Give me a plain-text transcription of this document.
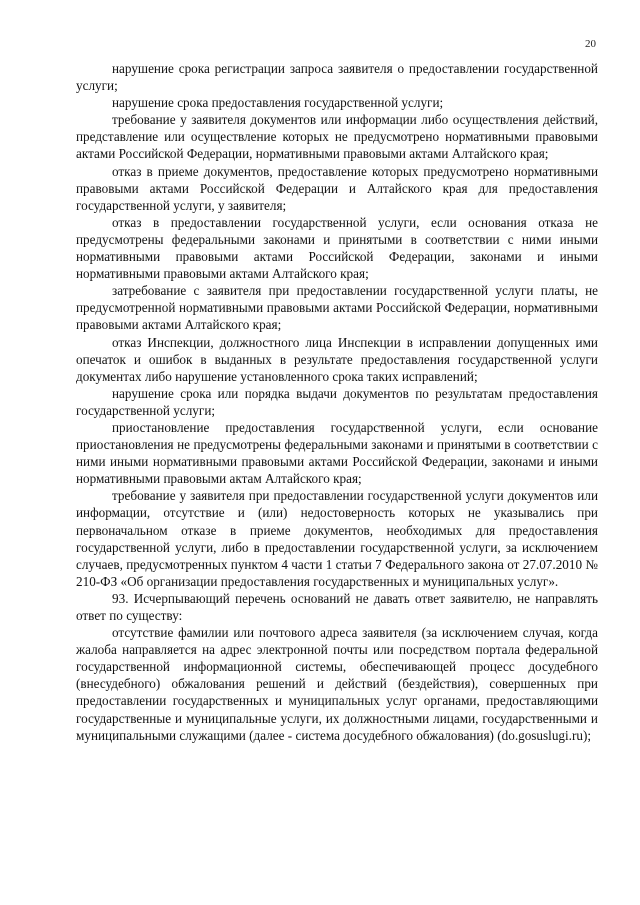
20

нарушение срока регистрации запроса заявителя о предоставлении государственной услуги;

нарушение срока предоставления государственной услуги;

требование у заявителя документов или информации либо осуществления действий, представление или осуществление которых не предусмотрено нормативными правовыми актами Российской Федерации, нормативными правовыми актами Алтайского края;

отказ в приеме документов, предоставление которых предусмотрено нормативными правовыми актами Российской Федерации и Алтайского края для предоставления государственной услуги, у заявителя;

отказ в предоставлении государственной услуги, если основания отказа не предусмотрены федеральными законами и принятыми в соответствии с ними иными нормативными правовыми актами Российской Федерации, законами и иными нормативными правовыми актами Алтайского края;

затребование с заявителя при предоставлении государственной услуги платы, не предусмотренной нормативными правовыми актами Российской Федерации, нормативными правовыми актами Алтайского края;

отказ Инспекции, должностного лица Инспекции в исправлении допущенных ими опечаток и ошибок в выданных в результате предоставления государственной услуги документах либо нарушение установленного срока таких исправлений;

нарушение срока или порядка выдачи документов по результатам предоставления государственной услуги;

приостановление предоставления государственной услуги, если основание приостановления не предусмотрены федеральными законами и принятыми в соответствии с ними иными нормативными правовыми актами Российской Федерации, законами и иными нормативными правовыми актам Алтайского края;

требование у заявителя при предоставлении государственной услуги документов или информации, отсутствие и (или) недостоверность которых не указывались при первоначальном отказе в приеме документов, необходимых для предоставления государственной услуги, либо в предоставлении государственной услуги, за исключением случаев, предусмотренных пунктом 4 части 1 статьи 7 Федерального закона от 27.07.2010 № 210-ФЗ «Об организации предоставления государственных и муниципальных услуг».

93. Исчерпывающий перечень оснований не давать ответ заявителю, не направлять ответ по существу:

отсутствие фамилии или почтового адреса заявителя (за исключением случая, когда жалоба направляется на адрес электронной почты или посредством портала федеральной государственной информационной системы, обеспечивающей процесс досудебного (внесудебного) обжалования решений и действий (бездействия), совершенных при предоставлении государственных и муниципальных услуг органами, предоставляющими государственные и муниципальные услуги, их должностными лицами, государственными и муниципальными служащими (далее - система досудебного обжалования) (do.gosuslugi.ru);
